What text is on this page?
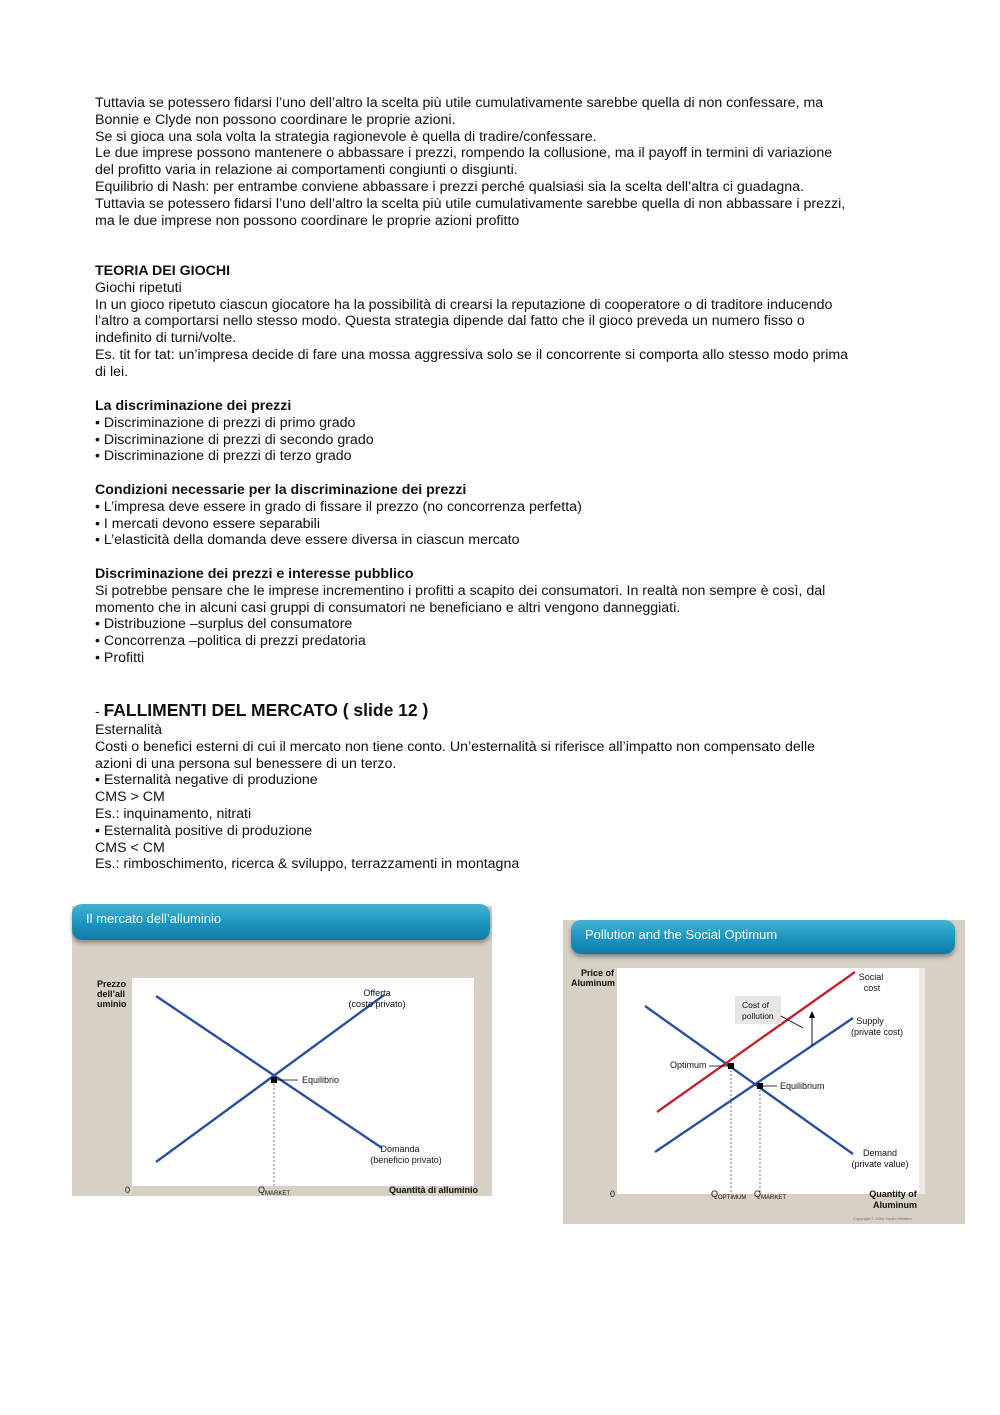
Tuttavia se potessero fidarsi l’uno dell’altro la scelta più utile cumulativamente sarebbe quella di non confessare, ma

Bonnie e Clyde non possono coordinare le proprie azioni.

Se si gioca una sola volta la strategia ragionevole è quella di tradire/confessare.

Le due imprese possono mantenere o abbassare i prezzi, rompendo la collusione, ma il payoff in termini di variazione

del profitto varia in relazione ai comportamenti congiunti o disgiunti.

Equilibrio di Nash: per entrambe conviene abbassare i prezzi perché qualsiasi sia la scelta dell’altra ci guadagna.

Tuttavia se potessero fidarsi l’uno dell’altro la scelta più utile cumulativamente sarebbe quella di non abbassare i prezzi,

ma le due imprese non possono coordinare le proprie azioni profitto

TEORIA DEI GIOCHI

Giochi ripetuti

In un gioco ripetuto ciascun giocatore ha la possibilità di crearsi la reputazione di cooperatore o di traditore inducendo

l’altro a comportarsi nello stesso modo. Questa strategia dipende dal fatto che il gioco preveda un numero fisso o

indefinito di turni/volte.

Es. tit for tat: un’impresa decide di fare una mossa aggressiva solo se il concorrente si comporta allo stesso modo prima

di lei.

La discriminazione dei prezzi

• Discriminazione di prezzi di primo grado

• Discriminazione di prezzi di secondo grado

• Discriminazione di prezzi di terzo grado

Condizioni necessarie per la discriminazione dei prezzi

• L’impresa deve essere in grado di fissare il prezzo (no concorrenza perfetta)

• I mercati devono essere separabili

• L’elasticità della domanda deve essere diversa in ciascun mercato

Discriminazione dei prezzi e interesse pubblico

Si potrebbe pensare che le imprese incrementino i profitti a scapito dei consumatori. In realtà non sempre è così, dal

momento che in alcuni casi gruppi di consumatori ne beneficiano e altri vengono danneggiati.

• Distribuzione –surplus del consumatore

• Concorrenza –politica di prezzi predatoria

• Profitti

- FALLIMENTI DEL MERCATO ( slide 12 )

Esternalità

Costi o benefici esterni di cui il mercato non tiene conto. Un’esternalità si riferisce all’impatto non compensato delle

azioni di una persona sul benessere di un terzo.

• Esternalità negative di produzione

CMS > CM

Es.: inquinamento, nitrati

• Esternalità positive di produzione

CMS < CM

Es.: rimboschimento, ricerca & sviluppo, terrazzamenti in montagna

Il mercato dell’alluminio
Prezzo
dell’all
uminio
Equilibrio
Offerta
(costo privato)
Domanda
(beneficio privato)
0	$Q_{MARKET}$	Quantità di alluminio
Pollution and the Social Optimum
Price of
Aluminum
Optimum
Equilibrium
Cost of
pollution
Social
cost
Supply
(private cost)
Demand
(private value)
0	$Q_{OPTIMUM}$ $Q_{MARKET}$	Quantity of
Aluminum
Copyright © 2004 South-Western
